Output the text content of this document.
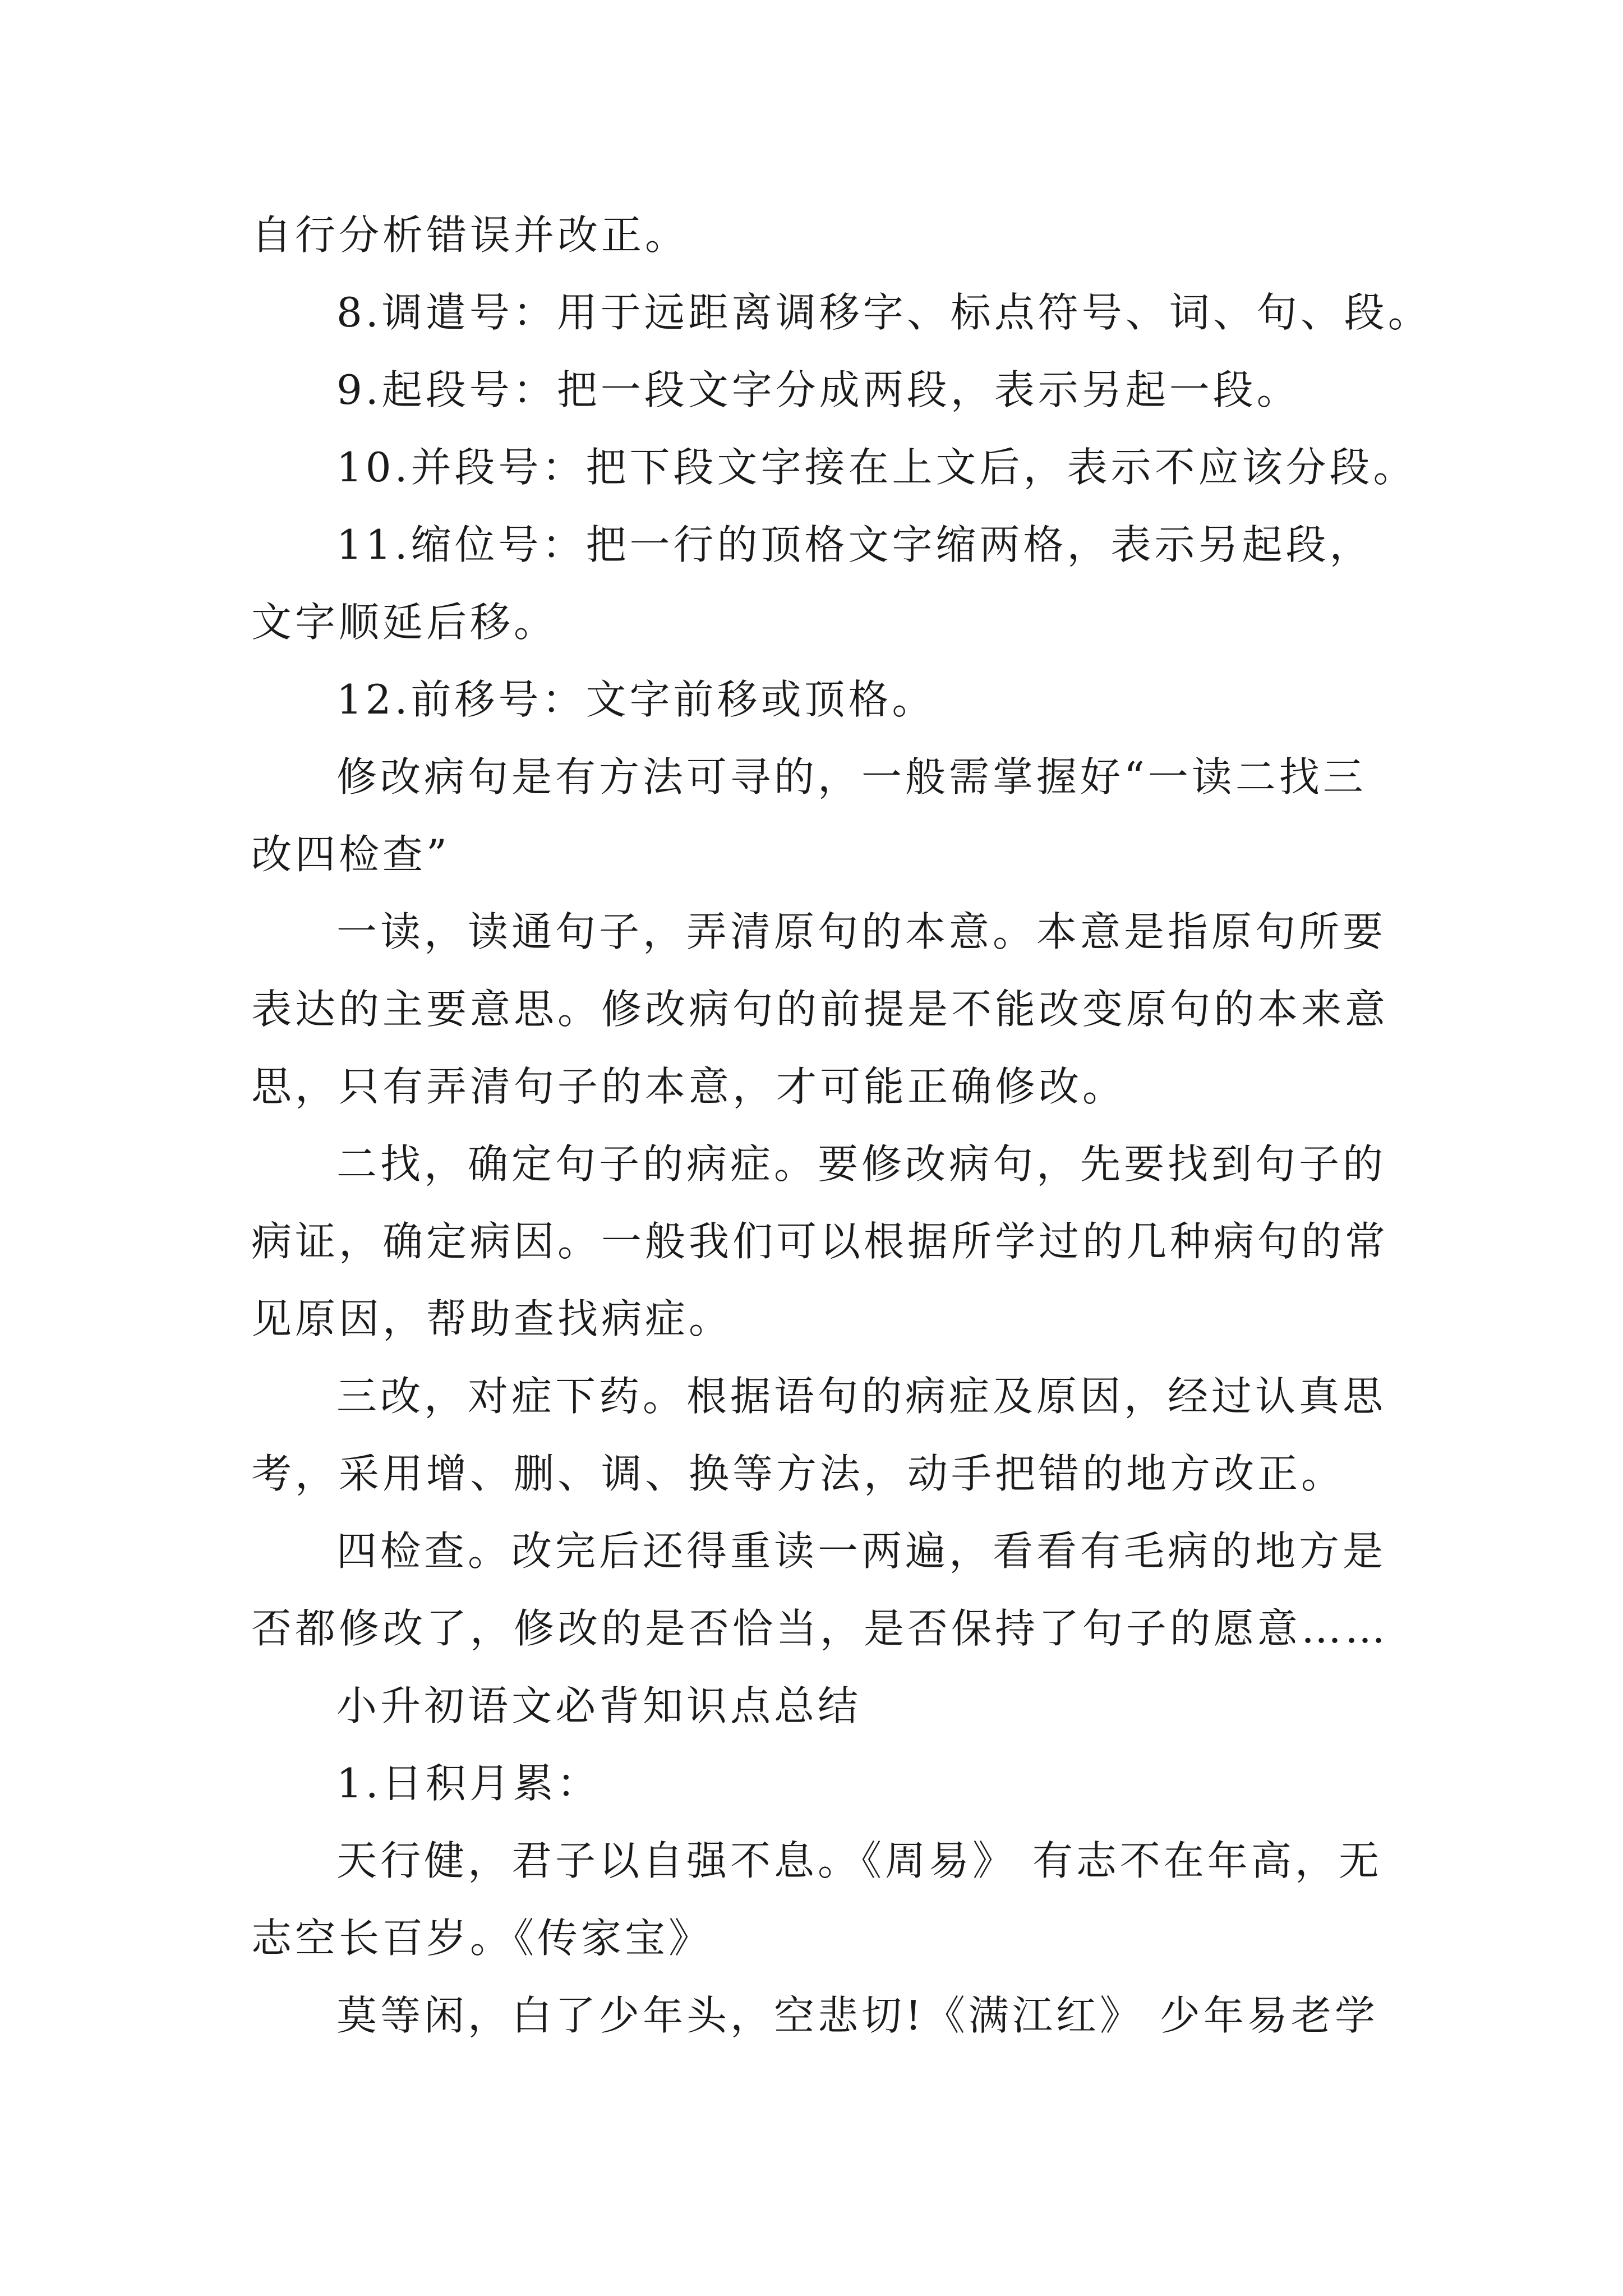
自行分析错误并改正。
8.调遣号：用于远距离调移字、标点符号、词、句、段。
9.起段号：把一段文字分成两段，表示另起一段。
10.并段号：把下段文字接在上文后，表示不应该分段。
11.缩位号：把一行的顶格文字缩两格，表示另起段，
文字顺延后移。
12.前移号：文字前移或顶格。
修改病句是有方法可寻的，一般需掌握好“一读二找三
改四检查”
一读，读通句子，弄清原句的本意。本意是指原句所要
表达的主要意思。修改病句的前提是不能改变原句的本来意
思，只有弄清句子的本意，才可能正确修改。
二找，确定句子的病症。要修改病句，先要找到句子的
病证，确定病因。一般我们可以根据所学过的几种病句的常
见原因，帮助查找病症。
三改，对症下药。根据语句的病症及原因，经过认真思
考，采用增、删、调、换等方法，动手把错的地方改正。
四检查。改完后还得重读一两遍，看看有毛病的地方是
否都修改了，修改的是否恰当，是否保持了句子的愿意……
小升初语文必背知识点总结
1.日积月累：
天行健，君子以自强不息。《周易》 有志不在年高，无
志空长百岁。《传家宝》
莫等闲，白了少年头，空悲切!《满江红》 少年易老学
